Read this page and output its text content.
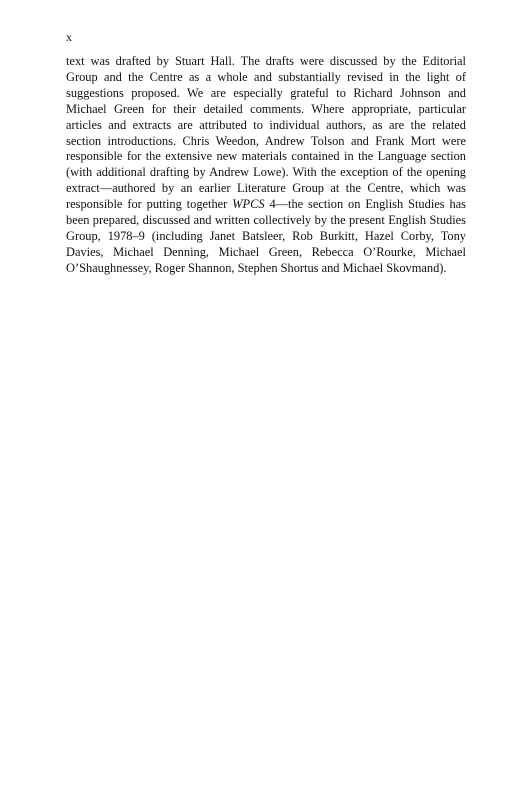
x

text was drafted by Stuart Hall. The drafts were discussed by the Editorial Group and the Centre as a whole and substantially revised in the light of suggestions proposed. We are especially grateful to Richard Johnson and Michael Green for their detailed comments. Where appropriate, particular articles and extracts are attributed to individual authors, as are the related section introductions. Chris Weedon, Andrew Tolson and Frank Mort were responsible for the extensive new materials contained in the Language section (with additional drafting by Andrew Lowe). With the exception of the opening extract—authored by an earlier Literature Group at the Centre, which was responsible for putting together WPCS 4—the section on English Studies has been prepared, discussed and written collectively by the present English Studies Group, 1978–9 (including Janet Batsleer, Rob Burkitt, Hazel Corby, Tony Davies, Michael Denning, Michael Green, Rebecca O’Rourke, Michael O’Shaughnessey, Roger Shannon, Stephen Shortus and Michael Skovmand).
